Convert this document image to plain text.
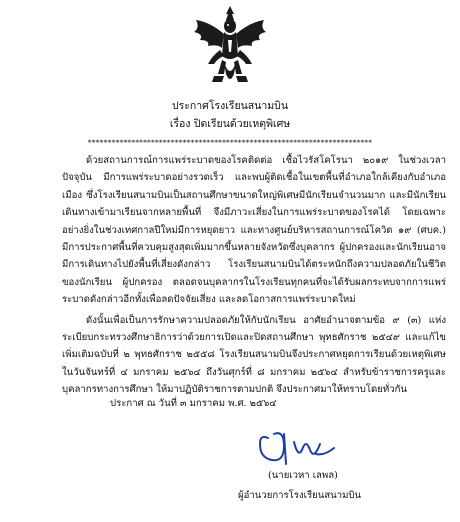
ประกาศโรงเรียนสนามบิน
เรื่อง ปิดเรียนด้วยเหตุพิเศษ
************************************************************************

ด้วยสถานการณ์การแพร่ระบาดของโรคติดต่อ เชื้อไวรัสโคโรนา ๒๐๑๙ ในช่วงเวลาปัจจุบัน มีการแพร่ระบาดอย่างรวดเร็ว และพบผู้ติดเชื้อในเขตพื้นที่อำเภอใกล้เคียงกับอำเภอเมือง ซึ่งโรงเรียนสนามบินเป็นสถานศึกษาขนาดใหญ่พิเศษมีนักเรียนจำนวนมาก และมีนักเรียนเดินทางเข้ามาเรียนจากหลายพื้นที่ จึงมีภาวะเสี่ยงในการแพร่ระบาดของโรคได้ โดยเฉพาะอย่างยิ่งในช่วงเทศกาลปีใหม่มีการหยุดยาว และทางศูนย์บริหารสถานการณ์โควิด ๑๙ (ศบค.) มีการประกาศพื้นที่ควบคุมสูงสุดเพิ่มมากขึ้นหลายจังหวัดซึ่งบุคลากร ผู้ปกครองและนักเรียนอาจมีการเดินทางไปยังพื้นที่เสี่ยงดังกล่าว โรงเรียนสนามบินได้ตระหนักถึงความปลอดภัยในชีวิตของนักเรียน ผู้ปกครอง ตลอดจนบุคลากรในโรงเรียนทุกคนที่จะได้รับผลกระทบจากการแพร่ระบาดดังกล่าวอีกทั้งเพื่อลดปัจจัยเสี่ยง และลดโอกาสการแพร่ระบาดใหม่

ดังนั้นเพื่อเป็นการรักษาความปลอดภัยให้กับนักเรียน อาศัยอำนาจตามข้อ ๙ (๓) แห่งระเบียบกระทรวงศึกษาธิการว่าด้วยการเปิดและปิดสถานศึกษา พุทธศักราช ๒๕๔๙ และแก้ไขเพิ่มเติมฉบับที่ ๒ พุทธศักราช ๒๕๕๘ โรงเรียนสนามบินจึงประกาศหยุดการเรียนด้วยเหตุพิเศษในวันจันทร์ที่ ๔ มกราคม ๒๕๖๔ ถึงวันศุกร์ที่ ๘ มกราคม ๒๕๖๔ สำหรับข้าราชการครูและบุคลากรทางการศึกษา ให้มาปฏิบัติราชการตามปกติ จึงประกาศมาให้ทราบโดยทั่วกัน

ประกาศ ณ วันที่ ๓ มกราคม พ.ศ. ๒๕๖๔
(นายเวหา เลพล)
ผู้อำนวยการโรงเรียนสนามบิน
